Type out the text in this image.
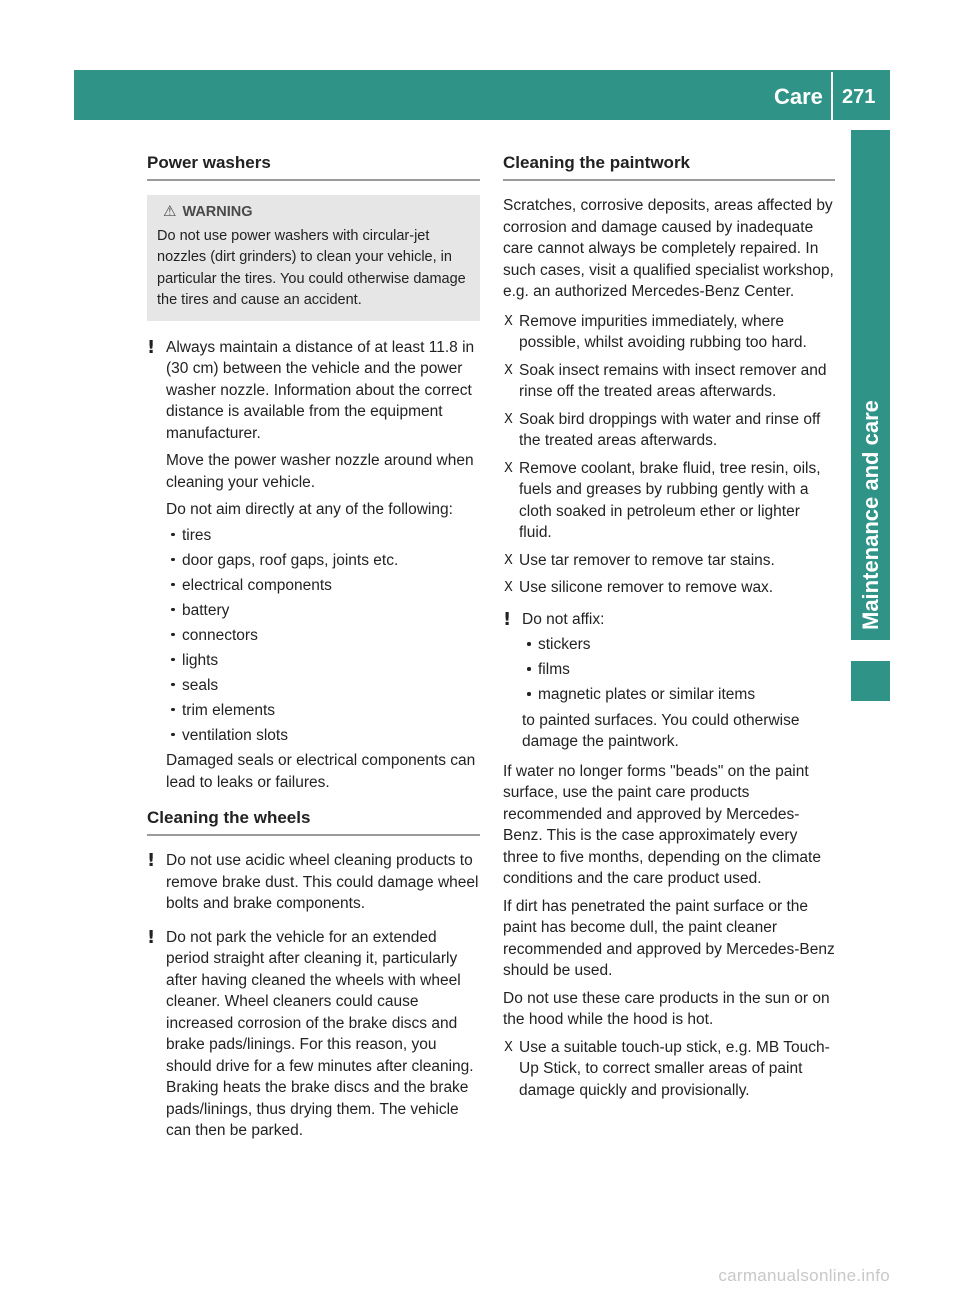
Care 271
Maintenance and care
Power washers
⚠ WARNING
Do not use power washers with circular-jet nozzles (dirt grinders) to clean your vehicle, in particular the tires. You could otherwise damage the tires and cause an accident.
! Always maintain a distance of at least 11.8 in (30 cm) between the vehicle and the power washer nozzle. Information about the correct distance is available from the equipment manufacturer.

Move the power washer nozzle around when cleaning your vehicle.

Do not aim directly at any of the following:

tires
door gaps, roof gaps, joints etc.
electrical components
battery
connectors
lights
seals
trim elements
ventilation slots

Damaged seals or electrical components can lead to leaks or failures.

Cleaning the wheels
! Do not use acidic wheel cleaning products to remove brake dust. This could damage wheel bolts and brake components.

! Do not park the vehicle for an extended period straight after cleaning it, particularly after having cleaned the wheels with wheel cleaner. Wheel cleaners could cause increased corrosion of the brake discs and brake pads/linings. For this reason, you should drive for a few minutes after cleaning. Braking heats the brake discs and the brake pads/linings, thus drying them. The vehicle can then be parked.

Cleaning the paintwork

Scratches, corrosive deposits, areas affected by corrosion and damage caused by inadequate care cannot always be completely repaired. In such cases, visit a qualified specialist workshop, e.g. an authorized Mercedes-Benz Center.

X Remove impurities immediately, where possible, whilst avoiding rubbing too hard.
X Soak insect remains with insect remover and rinse off the treated areas afterwards.
X Soak bird droppings with water and rinse off the treated areas afterwards.
X Remove coolant, brake fluid, tree resin, oils, fuels and greases by rubbing gently with a cloth soaked in petroleum ether or lighter fluid.
X Use tar remover to remove tar stains.
X Use silicone remover to remove wax.
! Do not affix:

stickers
films
magnetic plates or similar items

to painted surfaces. You could otherwise damage the paintwork.

If water no longer forms "beads" on the paint surface, use the paint care products recommended and approved by Mercedes-Benz. This is the case approximately every three to five months, depending on the climate conditions and the care product used.

If dirt has penetrated the paint surface or the paint has become dull, the paint cleaner recommended and approved by Mercedes-Benz should be used.

Do not use these care products in the sun or on the hood while the hood is hot.

X Use a suitable touch-up stick, e.g. MB Touch-Up Stick, to correct smaller areas of paint damage quickly and provisionally.
carmanualsonline.info
